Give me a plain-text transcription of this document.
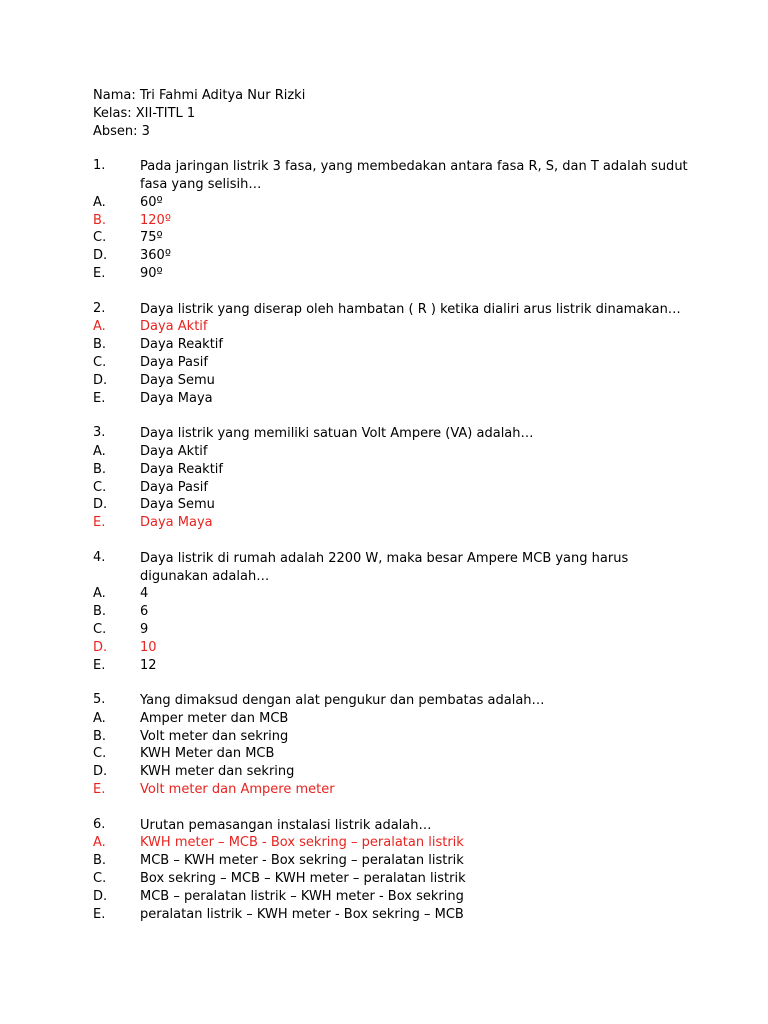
Nama: Tri Fahmi Aditya Nur Rizki
Kelas: XII-TITL 1
Absen: 3
1.	Pada jaringan listrik 3 fasa, yang membedakan antara fasa R, S, dan T adalah sudut fasa yang selisih…
A.	60º
B.	120º
C.	75º
D.	360º
E.	90º
2.	Daya listrik yang diserap oleh hambatan ( R ) ketika dialiri arus listrik dinamakan…
A.	Daya Aktif
B.	Daya Reaktif
C.	Daya Pasif
D.	Daya Semu
E.	Daya Maya
3.	Daya listrik yang memiliki satuan Volt Ampere (VA) adalah…
A.	Daya Aktif
B.	Daya Reaktif
C.	Daya Pasif
D.	Daya Semu
E.	Daya Maya
4.	Daya listrik di rumah adalah 2200 W, maka besar Ampere MCB yang harus digunakan adalah…
A.	4
B.	6
C.	9
D.	10
E.	12
5.	Yang dimaksud dengan alat pengukur dan pembatas adalah…
A.	Amper meter dan MCB
B.	Volt meter dan sekring
C.	KWH Meter dan MCB
D.	KWH meter dan sekring
E.	Volt meter dan Ampere meter
6.	Urutan pemasangan instalasi listrik adalah…
A.	KWH meter – MCB - Box sekring – peralatan listrik
B.	MCB – KWH meter - Box sekring – peralatan listrik
C.	Box sekring – MCB – KWH meter – peralatan listrik
D.	MCB – peralatan listrik – KWH meter - Box sekring
E.	peralatan listrik – KWH meter - Box sekring – MCB
